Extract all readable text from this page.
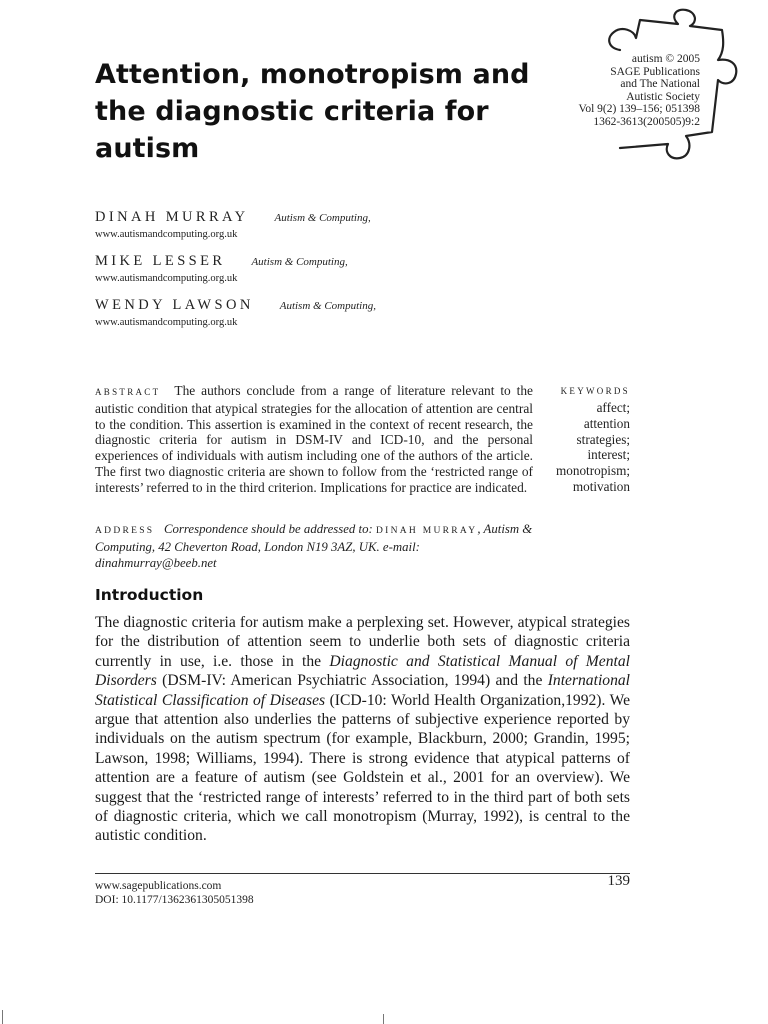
Attention, monotropism and the diagnostic criteria for autism
autism © 2005
SAGE Publications
and The National
Autistic Society
Vol 9(2) 139–156; 051398
1362-3613(200505)9:2
DINAH MURRAY Autism & Computing,
www.autismandcomputing.org.uk
MIKE LESSER Autism & Computing,
www.autismandcomputing.org.uk
WENDY LAWSON Autism & Computing,
www.autismandcomputing.org.uk
ABSTRACT The authors conclude from a range of literature relevant to the autistic condition that atypical strategies for the allocation of attention are central to the condition. This assertion is examined in the context of recent research, the diagnostic criteria for autism in DSM-IV and ICD-10, and the personal experiences of individuals with autism including one of the authors of the article. The first two diagnostic criteria are shown to follow from the ‘restricted range of interests’ referred to in the third criterion. Implications for practice are indicated.
ADDRESS Correspondence should be addressed to: DINAH MURRAY, Autism & Computing, 42 Cheverton Road, London N19 3AZ, UK. e-mail: dinahmurray@beeb.net
KEYWORDS
affect;
attention
strategies;
interest;
monotropism;
motivation
Introduction
The diagnostic criteria for autism make a perplexing set. However, atypical strategies for the distribution of attention seem to underlie both sets of diagnostic criteria currently in use, i.e. those in the Diagnostic and Statistical Manual of Mental Disorders (DSM-IV: American Psychiatric Association, 1994) and the International Statistical Classification of Diseases (ICD-10: World Health Organization,1992). We argue that attention also underlies the patterns of subjective experience reported by individuals on the autism spectrum (for example, Blackburn, 2000; Grandin, 1995; Lawson, 1998; Williams, 1994). There is strong evidence that atypical patterns of attention are a feature of autism (see Goldstein et al., 2001 for an overview). We suggest that the ‘restricted range of interests’ referred to in the third part of both sets of diagnostic criteria, which we call monotropism (Murray, 1992), is central to the autistic condition.
www.sagepublications.com
DOI: 10.1177/1362361305051398
139
